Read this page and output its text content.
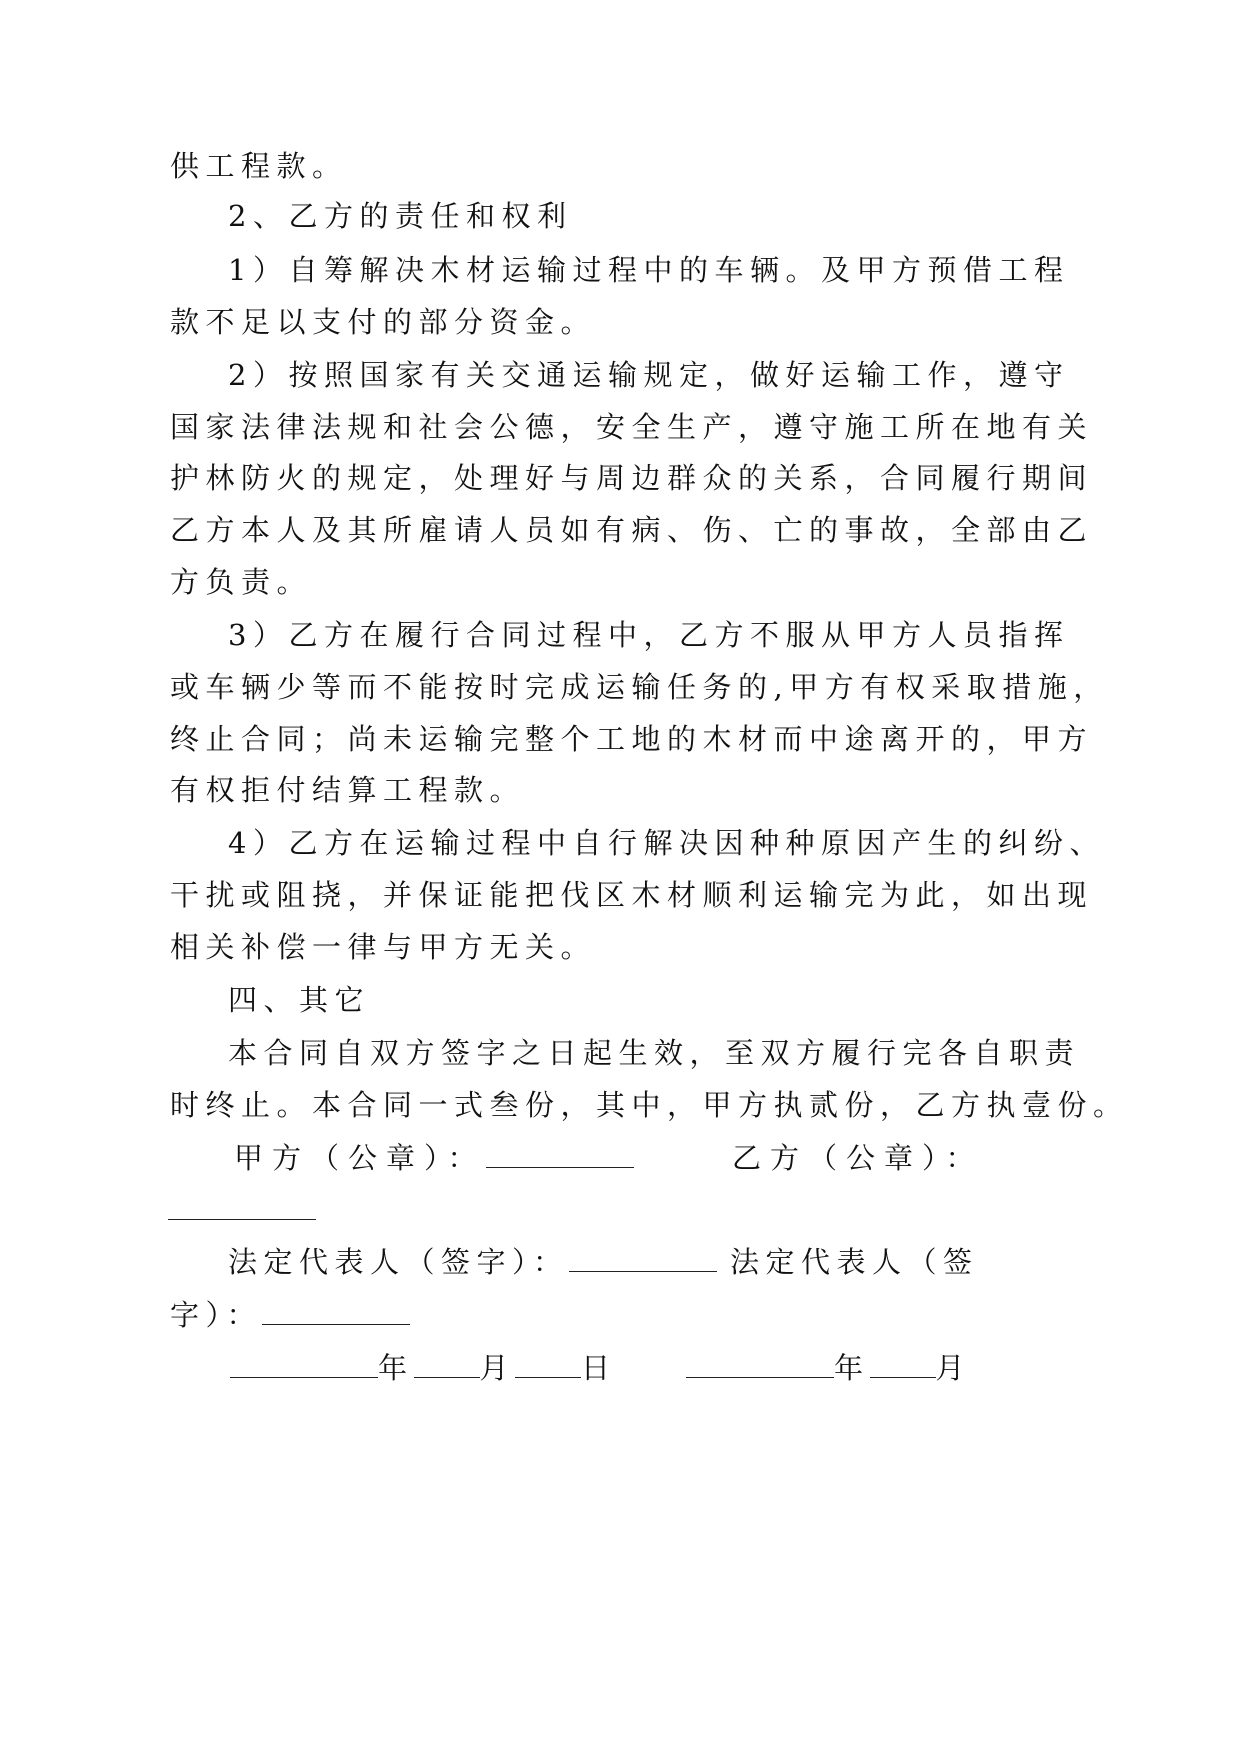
供工程款。
2、乙方的责任和权利
1）自筹解决木材运输过程中的车辆。及甲方预借工程
款不足以支付的部分资金。
2）按照国家有关交通运输规定，做好运输工作，遵守
国家法律法规和社会公德，安全生产，遵守施工所在地有关
护林防火的规定，处理好与周边群众的关系，合同履行期间
乙方本人及其所雇请人员如有病、伤、亡的事故，全部由乙
方负责。
3）乙方在履行合同过程中，乙方不服从甲方人员指挥
或车辆少等而不能按时完成运输任务的,甲方有权采取措施，
终止合同；尚未运输完整个工地的木材而中途离开的，甲方
有权拒付结算工程款。
4）乙方在运输过程中自行解决因种种原因产生的纠纷、
干扰或阻挠，并保证能把伐区木材顺利运输完为此，如出现
相关补偿一律与甲方无关。
四、其它
本合同自双方签字之日起生效，至双方履行完各自职责
时终止。本合同一式叁份，其中，甲方执贰份，乙方执壹份。
甲方（公章）：	乙方（公章）：
法定代表人（签字）：	法定代表人（签
字）：
年 月 日	年 月
